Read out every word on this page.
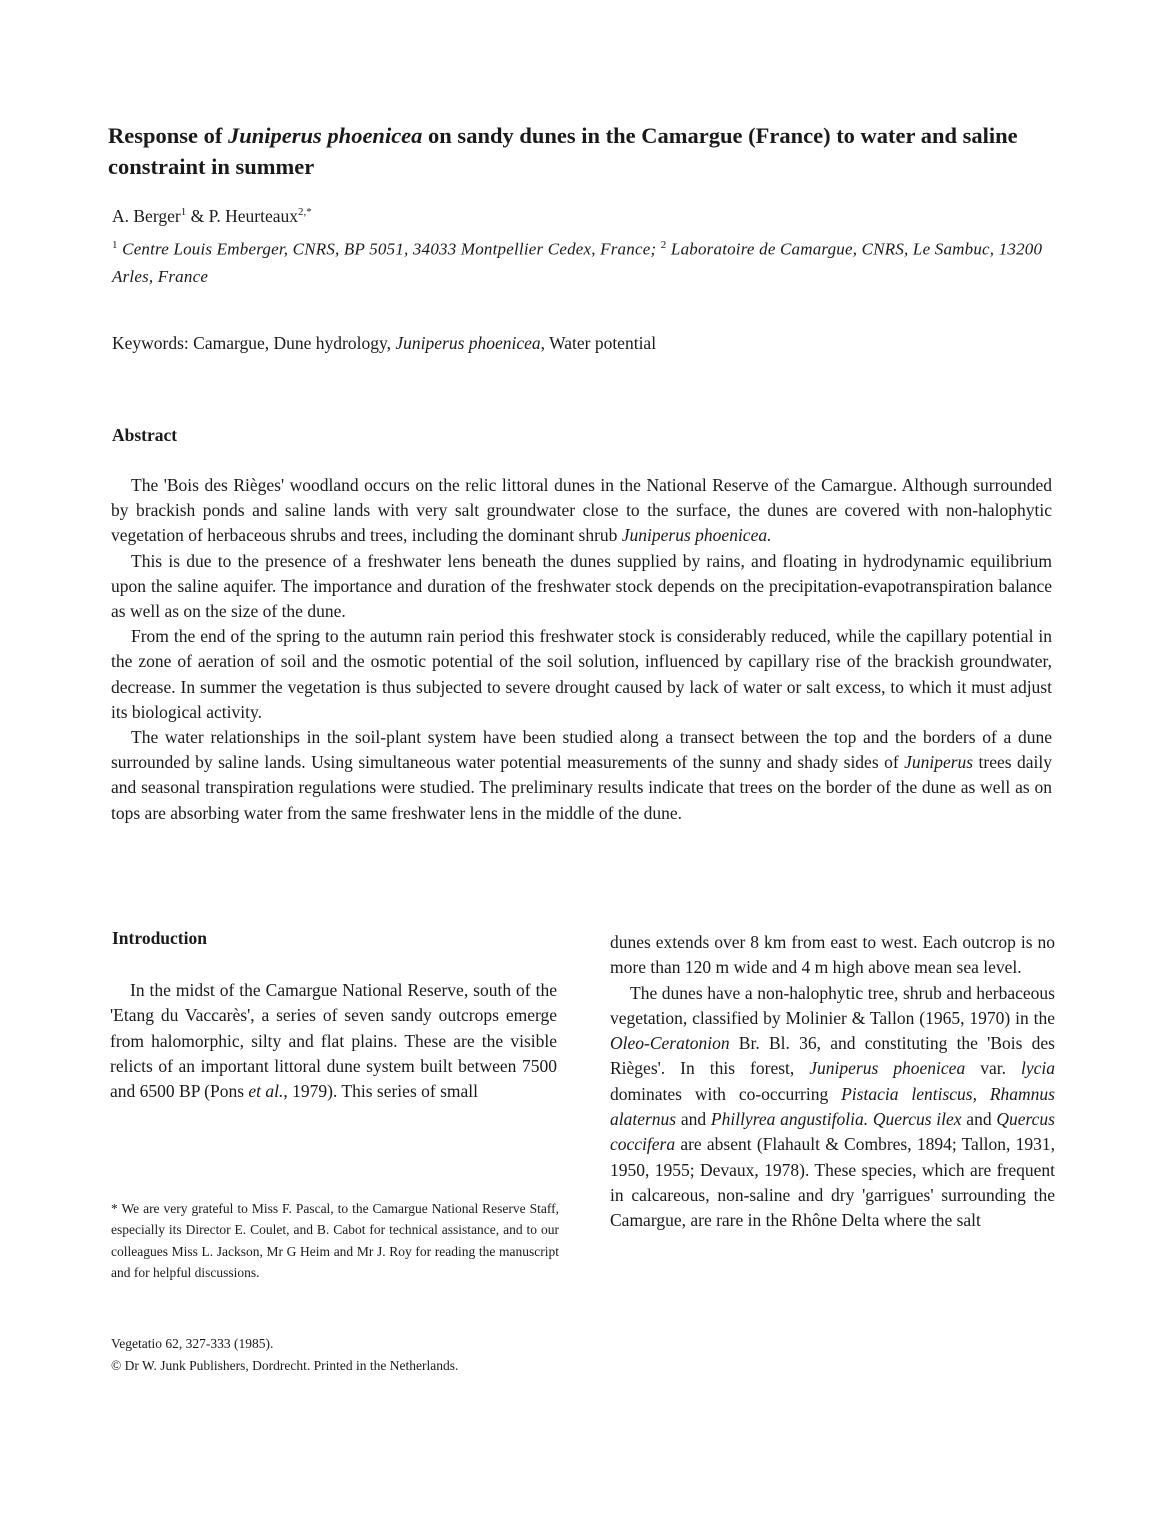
Response of Juniperus phoenicea on sandy dunes in the Camargue (France) to water and saline constraint in summer
A. Berger$^1$ & P. Heurteaux$^{2,*}$
$^1$ Centre Louis Emberger, CNRS, BP 5051, 34033 Montpellier Cedex, France; $^2$ Laboratoire de Camargue, CNRS, Le Sambuc, 13200 Arles, France
Keywords: Camargue, Dune hydrology, Juniperus phoenicea, Water potential
Abstract

The 'Bois des Rièges' woodland occurs on the relic littoral dunes in the National Reserve of the Camargue. Although surrounded by brackish ponds and saline lands with very salt groundwater close to the surface, the dunes are covered with non-halophytic vegetation of herbaceous shrubs and trees, including the dominant shrub Juniperus phoenicea.

This is due to the presence of a freshwater lens beneath the dunes supplied by rains, and floating in hydrodynamic equilibrium upon the saline aquifer. The importance and duration of the freshwater stock depends on the precipitation-evapotranspiration balance as well as on the size of the dune.

From the end of the spring to the autumn rain period this freshwater stock is considerably reduced, while the capillary potential in the zone of aeration of soil and the osmotic potential of the soil solution, influenced by capillary rise of the brackish groundwater, decrease. In summer the vegetation is thus subjected to severe drought caused by lack of water or salt excess, to which it must adjust its biological activity.

The water relationships in the soil-plant system have been studied along a transect between the top and the borders of a dune surrounded by saline lands. Using simultaneous water potential measurements of the sunny and shady sides of Juniperus trees daily and seasonal transpiration regulations were studied. The preliminary results indicate that trees on the border of the dune as well as on tops are absorbing water from the same freshwater lens in the middle of the dune.

Introduction

In the midst of the Camargue National Reserve, south of the 'Etang du Vaccarès', a series of seven sandy outcrops emerge from halomorphic, silty and flat plains. These are the visible relicts of an important littoral dune system built between 7500 and 6500 BP (Pons et al., 1979). This series of small

* We are very grateful to Miss F. Pascal, to the Camargue National Reserve Staff, especially its Director E. Coulet, and B. Cabot for technical assistance, and to our colleagues Miss L. Jackson, Mr G Heim and Mr J. Roy for reading the manuscript and for helpful discussions.
Vegetatio 62, 327-333 (1985).
© Dr W. Junk Publishers, Dordrecht. Printed in the Netherlands.

dunes extends over 8 km from east to west. Each outcrop is no more than 120 m wide and 4 m high above mean sea level.

The dunes have a non-halophytic tree, shrub and herbaceous vegetation, classified by Molinier & Tallon (1965, 1970) in the Oleo-Ceratonion Br. Bl. 36, and constituting the 'Bois des Rièges'. In this forest, Juniperus phoenicea var. lycia dominates with co-occurring Pistacia lentiscus, Rhamnus alaternus and Phillyrea angustifolia. Quercus ilex and Quercus coccifera are absent (Flahault & Combres, 1894; Tallon, 1931, 1950, 1955; Devaux, 1978). These species, which are frequent in calcareous, non-saline and dry 'garrigues' surrounding the Camargue, are rare in the Rhône Delta where the salt
